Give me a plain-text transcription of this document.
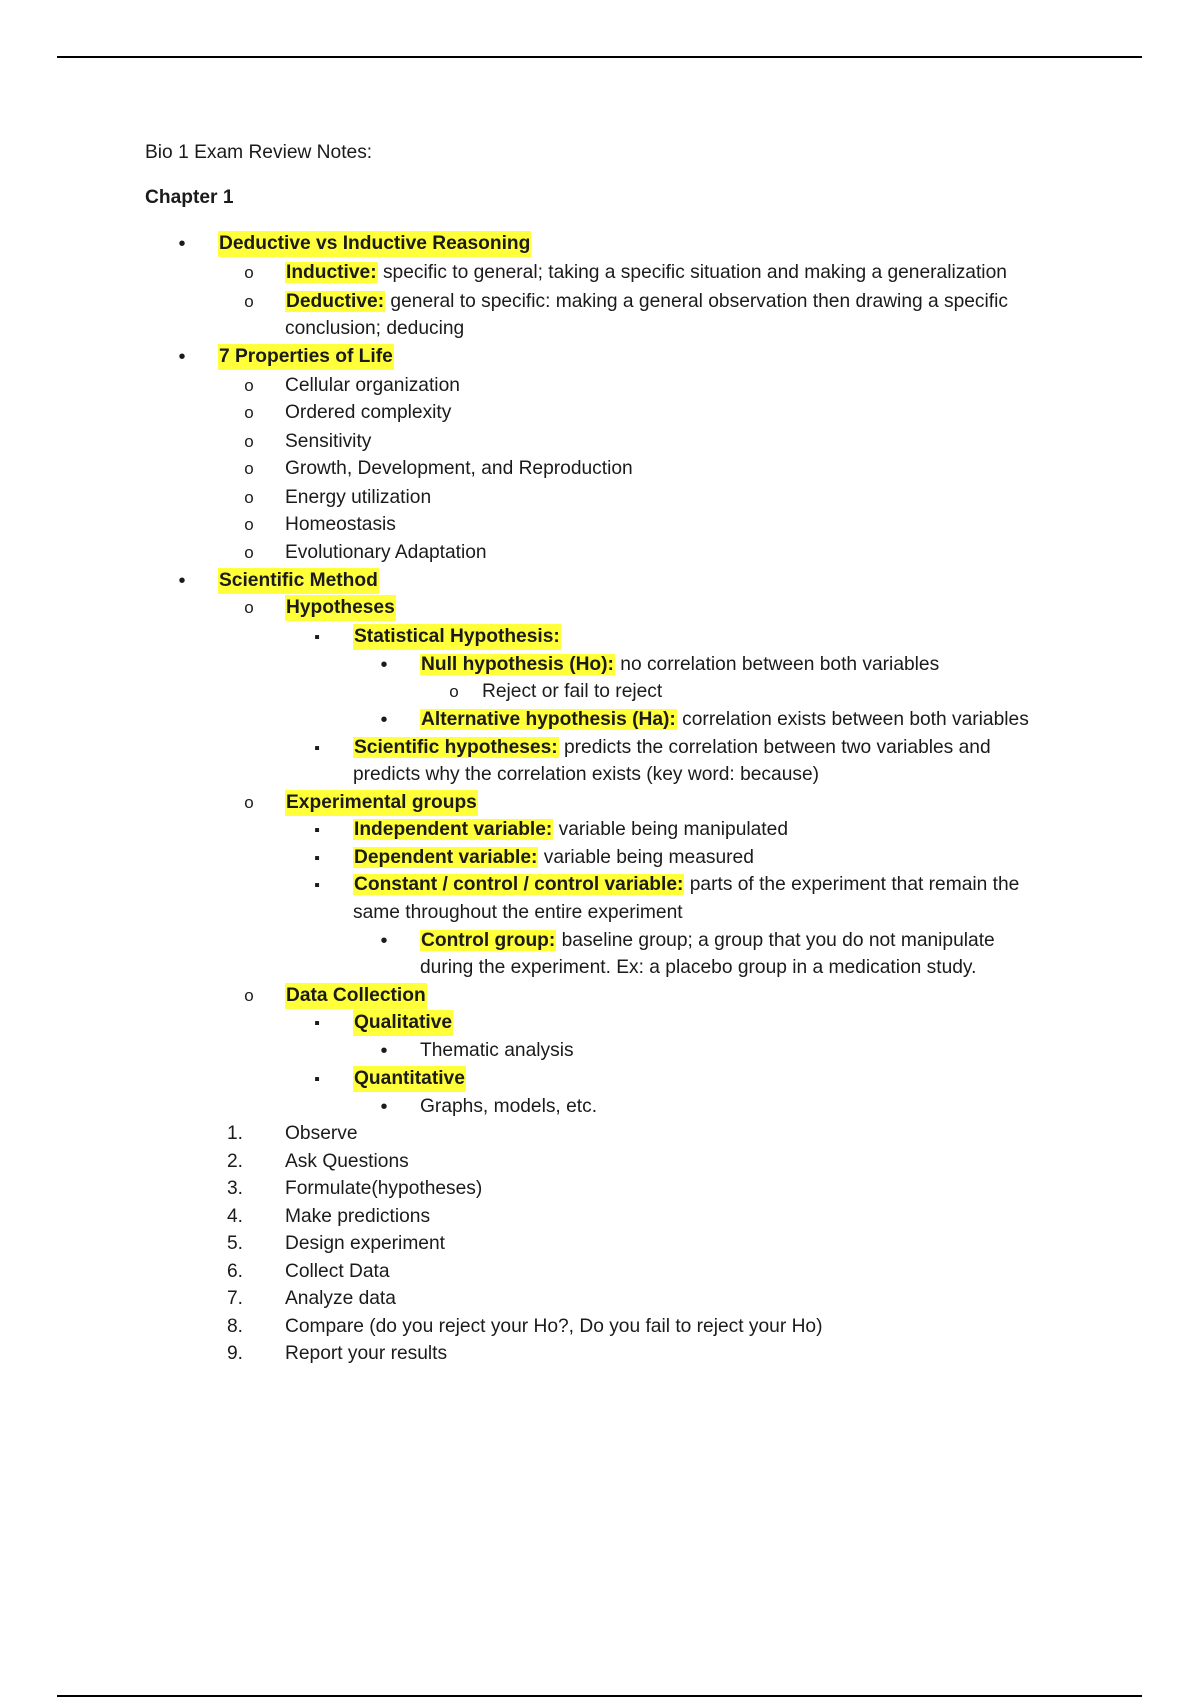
Bio 1 Exam Review Notes:
Chapter 1
•
Deductive vs Inductive Reasoning
o
Inductive: specific to general; taking a specific situation and making a generalization
o
Deductive: general to specific: making a general observation then drawing a specific
conclusion; deducing
•
7 Properties of Life
o
Cellular organization
o
Ordered complexity
o
Sensitivity
o
Growth, Development, and Reproduction
o
Energy utilization
o
Homeostasis
o
Evolutionary Adaptation
•
Scientific Method
o
Hypotheses
▪
Statistical Hypothesis:
•
Null hypothesis (Ho): no correlation between both variables
o
Reject or fail to reject
•
Alternative hypothesis (Ha): correlation exists between both variables
▪
Scientific hypotheses: predicts the correlation between two variables and
predicts why the correlation exists (key word: because)
o
Experimental groups
▪
Independent variable: variable being manipulated
▪
Dependent variable: variable being measured
▪
Constant / control / control variable: parts of the experiment that remain the
same throughout the entire experiment
•
Control group: baseline group; a group that you do not manipulate
during the experiment. Ex: a placebo group in a medication study.
o
Data Collection
▪
Qualitative
•
Thematic analysis
▪
Quantitative
•
Graphs, models, etc.
1. Observe
2. Ask Questions
3. Formulate(hypotheses)
4. Make predictions
5. Design experiment
6. Collect Data
7. Analyze data
8. Compare (do you reject your Ho?, Do you fail to reject your Ho)
9. Report your results
